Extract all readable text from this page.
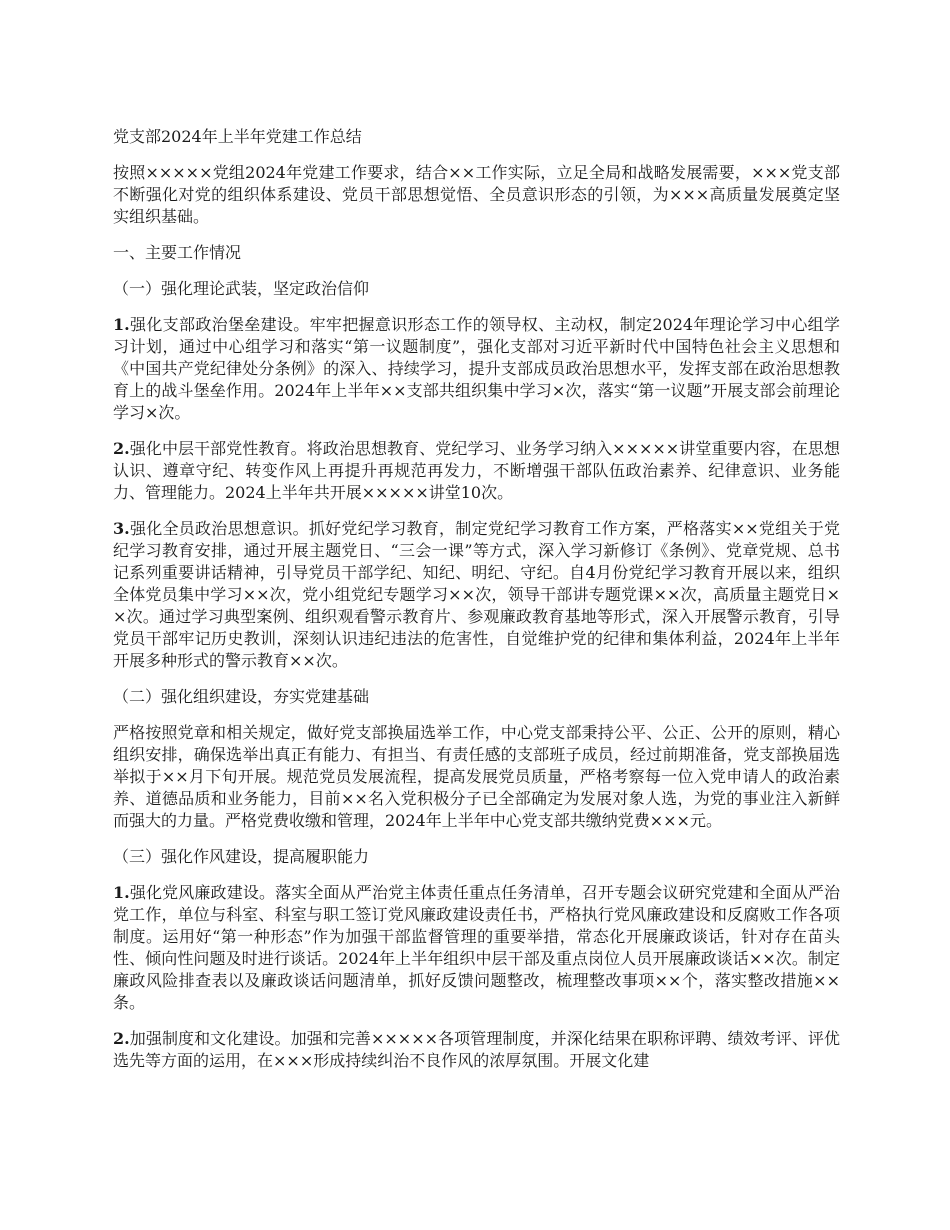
党支部2024年上半年党建工作总结

按照×××××党组2024年党建工作要求，结合××工作实际，立足全局和战略发展需要，×××党支部不断强化对党的组织体系建设、党员干部思想觉悟、全员意识形态的引领，为×××高质量发展奠定坚实组织基础。

一、主要工作情况

（一）强化理论武装，坚定政治信仰

1.强化支部政治堡垒建设。牢牢把握意识形态工作的领导权、主动权，制定2024年理论学习中心组学习计划，通过中心组学习和落实“第一议题制度”，强化支部对习近平新时代中国特色社会主义思想和《中国共产党纪律处分条例》的深入、持续学习，提升支部成员政治思想水平，发挥支部在政治思想教育上的战斗堡垒作用。2024年上半年××支部共组织集中学习×次，落实“第一议题”开展支部会前理论学习×次。

2.强化中层干部党性教育。将政治思想教育、党纪学习、业务学习纳入×××××讲堂重要内容，在思想认识、遵章守纪、转变作风上再提升再规范再发力，不断增强干部队伍政治素养、纪律意识、业务能力、管理能力。2024上半年共开展×××××讲堂10次。

3.强化全员政治思想意识。抓好党纪学习教育，制定党纪学习教育工作方案，严格落实××党组关于党纪学习教育安排，通过开展主题党日、“三会一课”等方式，深入学习新修订《条例》、党章党规、总书记系列重要讲话精神，引导党员干部学纪、知纪、明纪、守纪。自4月份党纪学习教育开展以来，组织全体党员集中学习××次，党小组党纪专题学习××次，领导干部讲专题党课××次，高质量主题党日××次。通过学习典型案例、组织观看警示教育片、参观廉政教育基地等形式，深入开展警示教育，引导党员干部牢记历史教训，深刻认识违纪违法的危害性，自觉维护党的纪律和集体利益，2024年上半年开展多种形式的警示教育××次。

（二）强化组织建设，夯实党建基础

严格按照党章和相关规定，做好党支部换届选举工作，中心党支部秉持公平、公正、公开的原则，精心组织安排，确保选举出真正有能力、有担当、有责任感的支部班子成员，经过前期准备，党支部换届选举拟于××月下旬开展。规范党员发展流程，提高发展党员质量，严格考察每一位入党申请人的政治素养、道德品质和业务能力，目前××名入党积极分子已全部确定为发展对象人选，为党的事业注入新鲜而强大的力量。严格党费收缴和管理，2024年上半年中心党支部共缴纳党费×××元。

（三）强化作风建设，提高履职能力

1.强化党风廉政建设。落实全面从严治党主体责任重点任务清单，召开专题会议研究党建和全面从严治党工作，单位与科室、科室与职工签订党风廉政建设责任书，严格执行党风廉政建设和反腐败工作各项制度。运用好“第一种形态”作为加强干部监督管理的重要举措，常态化开展廉政谈话，针对存在苗头性、倾向性问题及时进行谈话。2024年上半年组织中层干部及重点岗位人员开展廉政谈话××次。制定廉政风险排查表以及廉政谈话问题清单，抓好反馈问题整改，梳理整改事项××个，落实整改措施××条。

2.加强制度和文化建设。加强和完善×××××各项管理制度，并深化结果在职称评聘、绩效考评、评优选先等方面的运用，在×××形成持续纠治不良作风的浓厚氛围。开展文化建
